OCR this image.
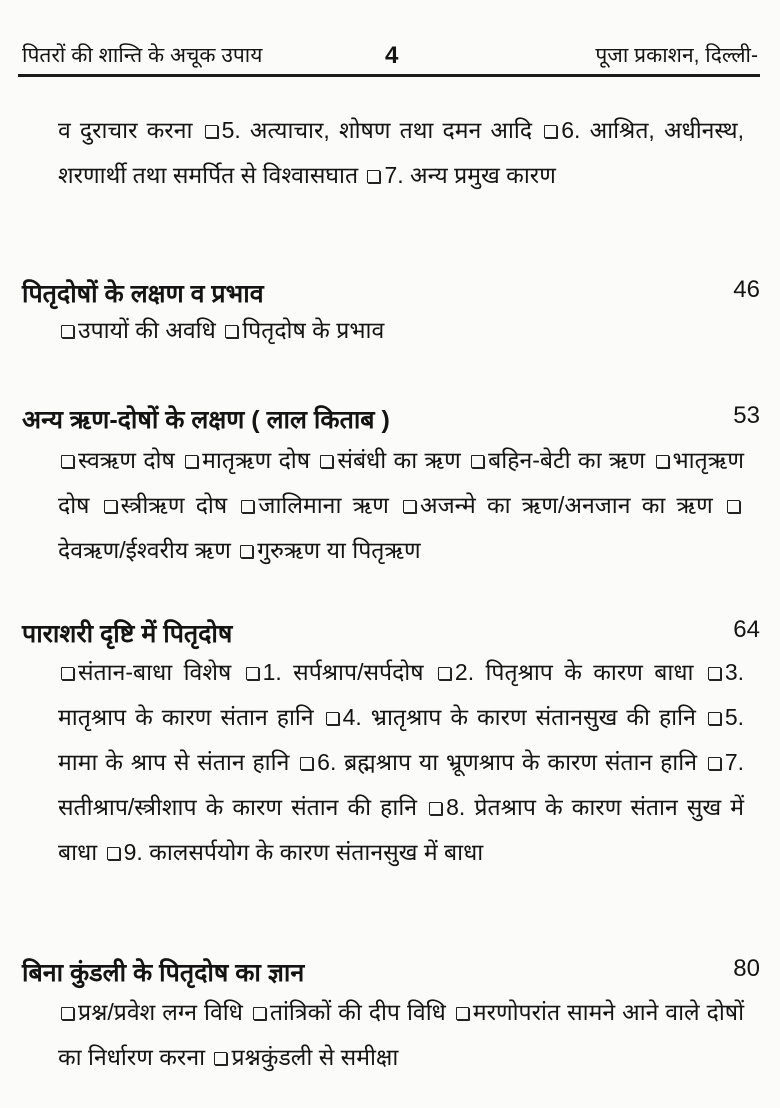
पितरों की शान्ति के अचूक उपाय	4	पूजा प्रकाशन, दिल्ली-
व दुराचार करना 5. अत्याचार, शोषण तथा दमन आदि 6. आश्रित, अधीनस्थ, शरणार्थी तथा समर्पित से विश्वासघात 7. अन्य प्रमुख कारण
पितृदोषों के लक्षण व प्रभाव	46
उपायों की अवधि पितृदोष के प्रभाव
अन्य ऋण-दोषों के लक्षण ( लाल किताब )	53
स्वऋण दोष मातृऋण दोष संबंधी का ऋण बहिन-बेटी का ऋण भातृऋण दोष स्त्रीऋण दोष जालिमाना ऋण अजन्मे का ऋण/अनजान का ऋण देवऋण/ईश्वरीय ऋण गुरुऋण या पितृऋण
पाराशरी दृष्टि में पितृदोष	64
संतान-बाधा विशेष 1. सर्पश्राप/सर्पदोष 2. पितृश्राप के कारण बाधा 3. मातृश्राप के कारण संतान हानि 4. भ्रातृश्राप के कारण संतानसुख की हानि 5. मामा के श्राप से संतान हानि 6. ब्रह्मश्राप या भ्रूणश्राप के कारण संतान हानि 7. सतीश्राप/स्त्रीशाप के कारण संतान की हानि 8. प्रेतश्राप के कारण संतान सुख में बाधा 9. कालसर्पयोग के कारण संतानसुख में बाधा
बिना कुंडली के पितृदोष का ज्ञान	80
प्रश्न/प्रवेश लग्न विधि तांत्रिकों की दीप विधि मरणोपरांत सामने आने वाले दोषों का निर्धारण करना प्रश्नकुंडली से समीक्षा
